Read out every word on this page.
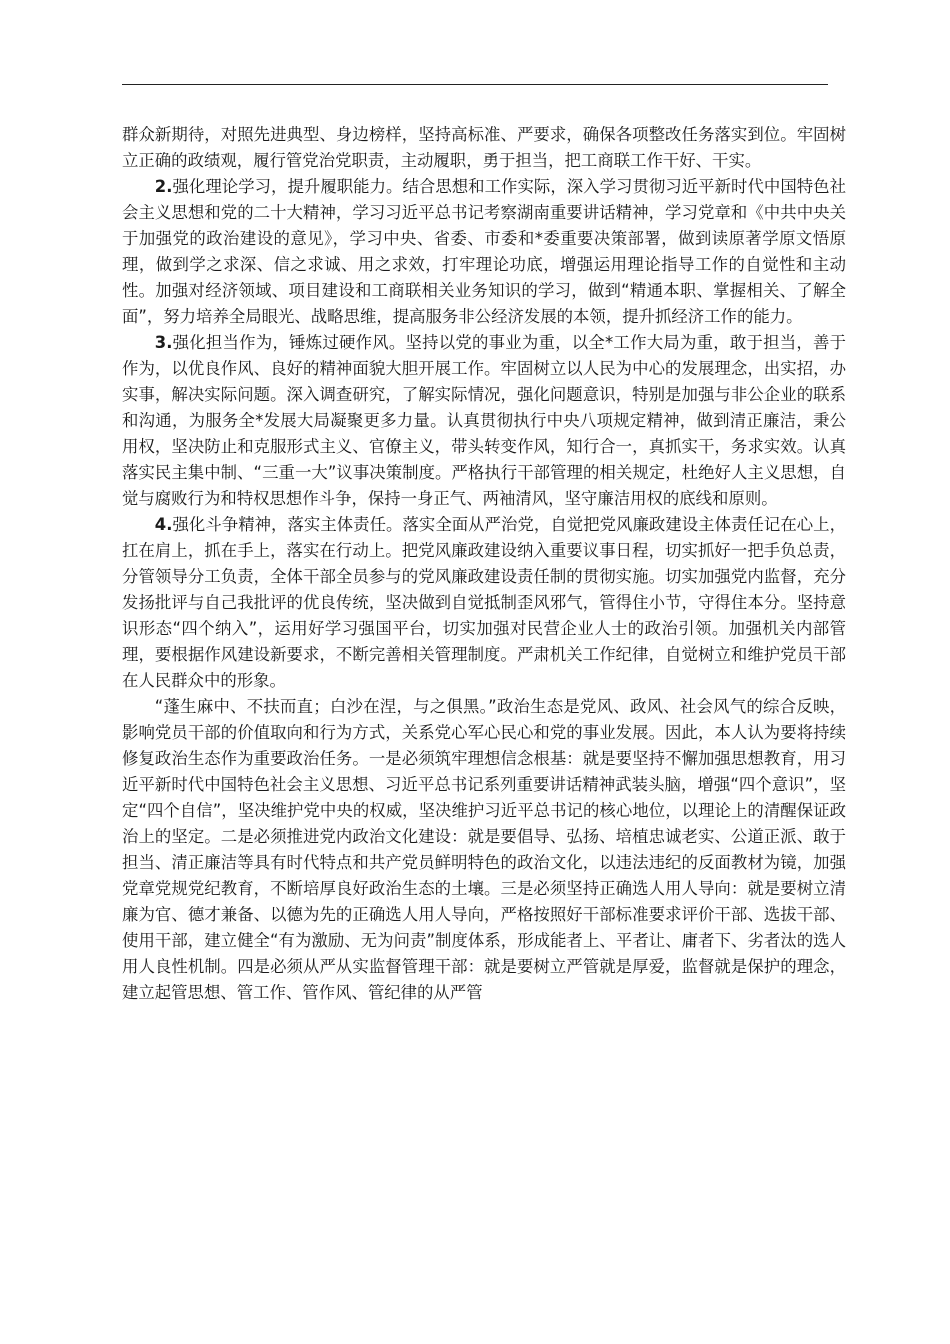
群众新期待，对照先进典型、身边榜样，坚持高标准、严要求，确保各项整改任务落实到位。牢固树立正确的政绩观，履行管党治党职责，主动履职，勇于担当，把工商联工作干好、干实。

2.强化理论学习，提升履职能力。结合思想和工作实际，深入学习贯彻习近平新时代中国特色社会主义思想和党的二十大精神，学习习近平总书记考察湖南重要讲话精神，学习党章和《中共中央关于加强党的政治建设的意见》，学习中央、省委、市委和*委重要决策部署，做到读原著学原文悟原理，做到学之求深、信之求诚、用之求效，打牢理论功底，增强运用理论指导工作的自觉性和主动性。加强对经济领域、项目建设和工商联相关业务知识的学习，做到“精通本职、掌握相关、了解全面”，努力培养全局眼光、战略思维，提高服务非公经济发展的本领，提升抓经济工作的能力。

3.强化担当作为，锤炼过硬作风。坚持以党的事业为重，以全*工作大局为重，敢于担当，善于作为，以优良作风、良好的精神面貌大胆开展工作。牢固树立以人民为中心的发展理念，出实招，办实事，解决实际问题。深入调查研究，了解实际情况，强化问题意识，特别是加强与非公企业的联系和沟通，为服务全*发展大局凝聚更多力量。认真贯彻执行中央八项规定精神，做到清正廉洁，秉公用权，坚决防止和克服形式主义、官僚主义，带头转变作风，知行合一，真抓实干，务求实效。认真落实民主集中制、“三重一大”议事决策制度。严格执行干部管理的相关规定，杜绝好人主义思想，自觉与腐败行为和特权思想作斗争，保持一身正气、两袖清风，坚守廉洁用权的底线和原则。

4.强化斗争精神，落实主体责任。落实全面从严治党，自觉把党风廉政建设主体责任记在心上，扛在肩上，抓在手上，落实在行动上。把党风廉政建设纳入重要议事日程，切实抓好一把手负总责，分管领导分工负责，全体干部全员参与的党风廉政建设责任制的贯彻实施。切实加强党内监督，充分发扬批评与自己我批评的优良传统，坚决做到自觉抵制歪风邪气，管得住小节，守得住本分。坚持意识形态“四个纳入”，运用好学习强国平台，切实加强对民营企业人士的政治引领。加强机关内部管理，要根据作风建设新要求，不断完善相关管理制度。严肃机关工作纪律，自觉树立和维护党员干部在人民群众中的形象。

“蓬生麻中、不扶而直；白沙在涅，与之俱黑。”政治生态是党风、政风、社会风气的综合反映，影响党员干部的价值取向和行为方式，关系党心军心民心和党的事业发展。因此，本人认为要将持续修复政治生态作为重要政治任务。一是必须筑牢理想信念根基：就是要坚持不懈加强思想教育，用习近平新时代中国特色社会主义思想、习近平总书记系列重要讲话精神武装头脑，增强“四个意识”，坚定“四个自信”，坚决维护党中央的权威，坚决维护习近平总书记的核心地位，以理论上的清醒保证政治上的坚定。二是必须推进党内政治文化建设：就是要倡导、弘扬、培植忠诚老实、公道正派、敢于担当、清正廉洁等具有时代特点和共产党员鲜明特色的政治文化，以违法违纪的反面教材为镜，加强党章党规党纪教育，不断培厚良好政治生态的土壤。三是必须坚持正确选人用人导向：就是要树立清廉为官、德才兼备、以德为先的正确选人用人导向，严格按照好干部标准要求评价干部、选拔干部、使用干部，建立健全“有为激励、无为问责”制度体系，形成能者上、平者让、庸者下、劣者汰的选人用人良性机制。四是必须从严从实监督管理干部：就是要树立严管就是厚爱，监督就是保护的理念，建立起管思想、管工作、管作风、管纪律的从严管
